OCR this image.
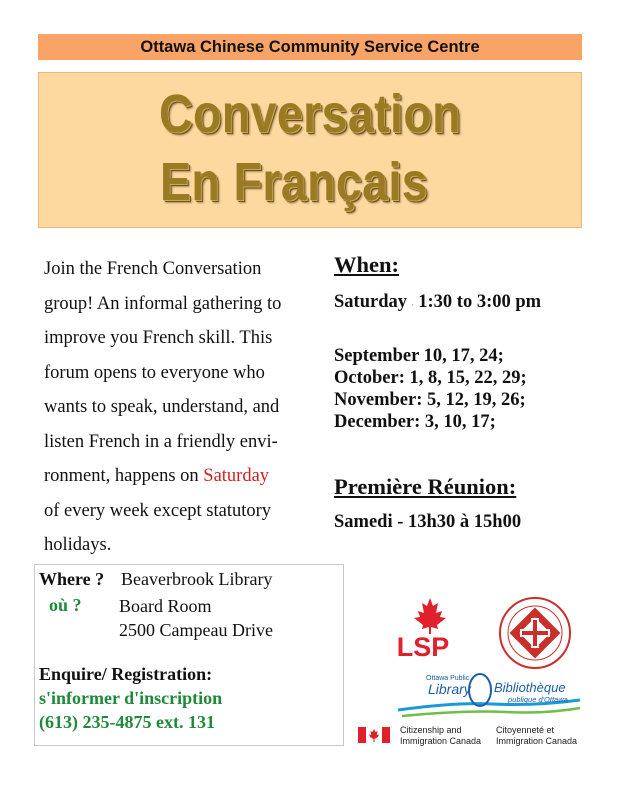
Ottawa Chinese Community Service Centre
Conversation
En Français
Join the French Conversation
group! An informal gathering to
improve you French skill. This
forum opens to everyone who
wants to speak, understand, and
listen French in a friendly envi-
ronment, happens on Saturday
of every week except statutory
holidays.
When:

Saturday . 1:30 to 3:00 pm

September 10, 17, 24;
October: 1, 8, 15, 22, 29;
November: 5, 12, 19, 26;
December: 3, 10, 17;
Première Réunion:

Samedi - 13h30 à 15h00

Where ? Beaverbrook Library
où ? Board Room
2500 Campeau Drive
Enquire/ Registration:
s'informer d'inscription
(613) 235-4875 ext. 131
LSP
Ottawa Public
Library Bibliothèque
publique d'Ottawa
Citizenship and
Immigration Canada
Citoyenneté et
Immigration Canada
